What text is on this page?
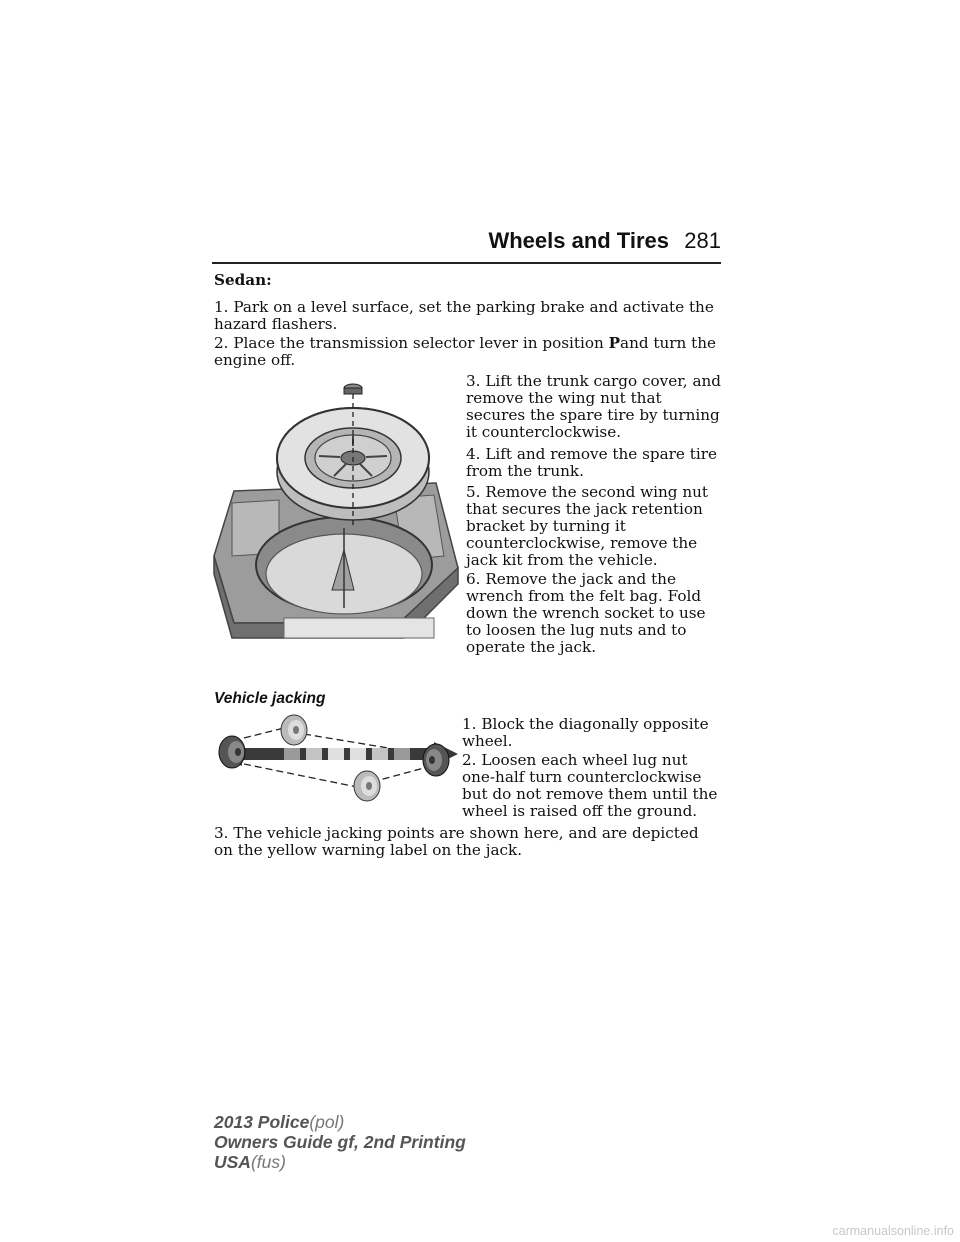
Wheels and Tires 281

Sedan:

1. Park on a level surface, set the parking brake and activate the hazard flashers.

2. Place the transmission selector lever in position Pand turn the engine off.

3. Lift the trunk cargo cover, and remove the wing nut that secures the spare tire by turning it counterclockwise.

4. Lift and remove the spare tire from the trunk.

5. Remove the second wing nut that secures the jack retention bracket by turning it counterclockwise, remove the jack kit from the vehicle.

6. Remove the jack and the wrench from the felt bag. Fold down the wrench socket to use to loosen the lug nuts and to operate the jack.

Vehicle jacking

1. Block the diagonally opposite wheel.

2. Loosen each wheel lug nut one-half turn counterclockwise but do not remove them until the wheel is raised off the ground.

3. The vehicle jacking points are shown here, and are depicted on the yellow warning label on the jack.

2013 Police(pol)
Owners Guide gf, 2nd Printing
USA(fus)
carmanualsonline.info
